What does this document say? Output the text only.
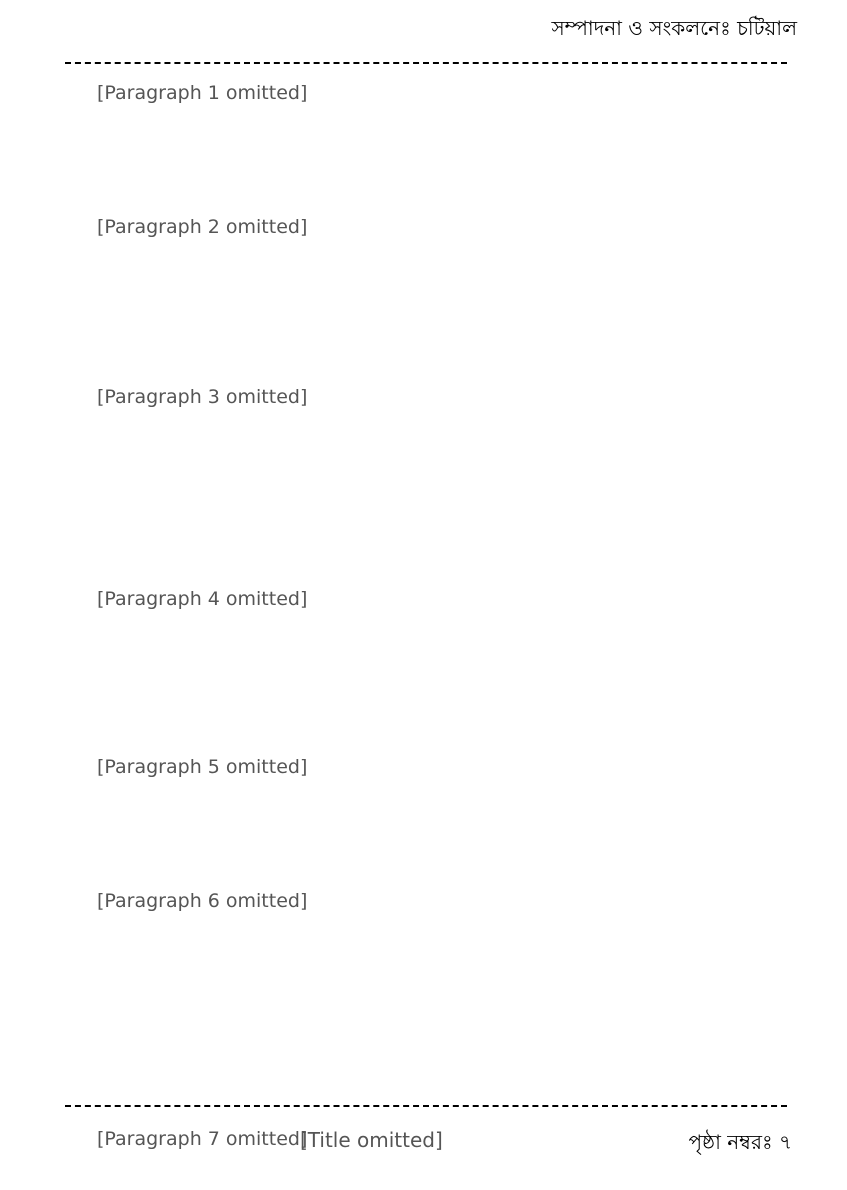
সম্পাদনা ও সংকলনেঃ চটিয়াল

[Paragraph 1 omitted]

[Paragraph 2 omitted]

[Paragraph 3 omitted]

[Paragraph 4 omitted]

[Paragraph 5 omitted]

[Paragraph 6 omitted]

[Paragraph 7 omitted]

[Title omitted]	পৃষ্ঠা নম্বরঃ ৭
